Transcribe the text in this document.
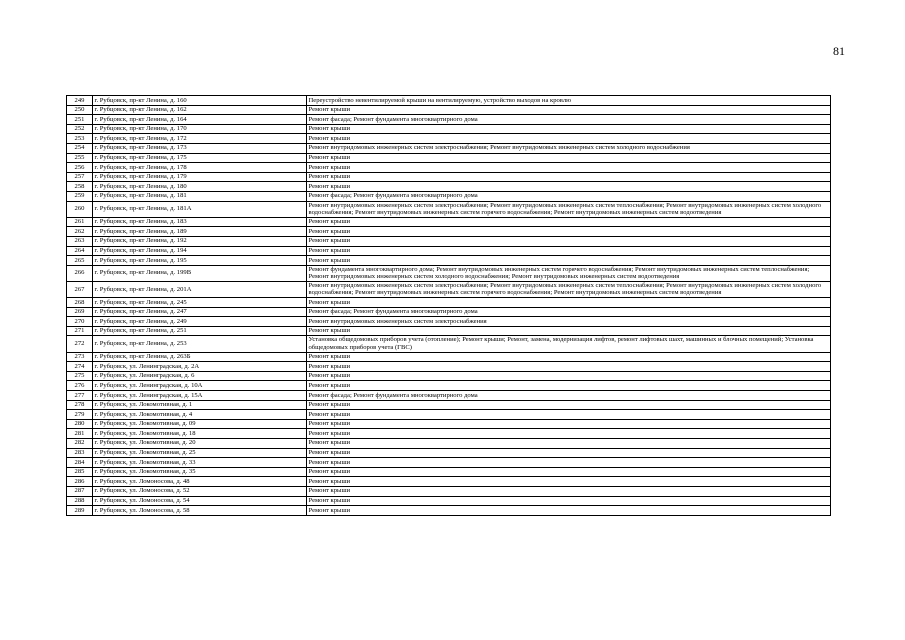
81
249	г. Рубцовск, пр-кт Ленина, д. 160	Переустройство невентилируемой крыши на вентилируемую, устройство выходов на кровлю
250	г. Рубцовск, пр-кт Ленина, д. 162	Ремонт крыши
251	г. Рубцовск, пр-кт Ленина, д. 164	Ремонт фасада; Ремонт фундамента многоквартирного дома
252	г. Рубцовск, пр-кт Ленина, д. 170	Ремонт крыши
253	г. Рубцовск, пр-кт Ленина, д. 172	Ремонт крыши
254	г. Рубцовск, пр-кт Ленина, д. 173	Ремонт внутридомовых инженерных систем электроснабжения; Ремонт внутридомовых инженерных систем холодного водоснабжения
255	г. Рубцовск, пр-кт Ленина, д. 175	Ремонт крыши
256	г. Рубцовск, пр-кт Ленина, д. 178	Ремонт крыши
257	г. Рубцовск, пр-кт Ленина, д. 179	Ремонт крыши
258	г. Рубцовск, пр-кт Ленина, д. 180	Ремонт крыши
259	г. Рубцовск, пр-кт Ленина, д. 181	Ремонт фасада; Ремонт фундамента многоквартирного дома
260	г. Рубцовск, пр-кт Ленина, д. 181А	Ремонт внутридомовых инженерных систем электроснабжения; Ремонт внутридомовых инженерных систем теплоснабжения; Ремонт внутридомовых инженерных систем холодного водоснабжения; Ремонт внутридомовых инженерных систем горячего водоснабжения; Ремонт внутридомовых инженерных систем водоотведения
261	г. Рубцовск, пр-кт Ленина, д. 183	Ремонт крыши
262	г. Рубцовск, пр-кт Ленина, д. 189	Ремонт крыши
263	г. Рубцовск, пр-кт Ленина, д. 192	Ремонт крыши
264	г. Рубцовск, пр-кт Ленина, д. 194	Ремонт крыши
265	г. Рубцовск, пр-кт Ленина, д. 195	Ремонт крыши
266	г. Рубцовск, пр-кт Ленина, д. 199В	Ремонт фундамента многоквартирного дома; Ремонт внутридомовых инженерных систем горячего водоснабжения; Ремонт внутридомовых инженерных систем теплоснабжения; Ремонт внутридомовых инженерных систем холодного водоснабжения; Ремонт внутридомовых инженерных систем водоотведения
267	г. Рубцовск, пр-кт Ленина, д. 201А	Ремонт внутридомовых инженерных систем электроснабжения; Ремонт внутридомовых инженерных систем теплоснабжения; Ремонт внутридомовых инженерных систем холодного водоснабжения; Ремонт внутридомовых инженерных систем горячего водоснабжения; Ремонт внутридомовых инженерных систем водоотведения
268	г. Рубцовск, пр-кт Ленина, д. 245	Ремонт крыши
269	г. Рубцовск, пр-кт Ленина, д. 247	Ремонт фасада; Ремонт фундамента многоквартирного дома
270	г. Рубцовск, пр-кт Ленина, д. 249	Ремонт внутридомовых инженерных систем электроснабжения
271	г. Рубцовск, пр-кт Ленина, д. 251	Ремонт крыши
272	г. Рубцовск, пр-кт Ленина, д. 253	Установка общедомовых приборов учета (отопление); Ремонт крыши; Ремонт, замена, модернизация лифтов, ремонт лифтовых шахт, машинных и блочных помещений; Установка общедомовых приборов учета (ГВС)
273	г. Рубцовск, пр-кт Ленина, д. 263Б	Ремонт крыши
274	г. Рубцовск, ул. Ленинградская, д. 2А	Ремонт крыши
275	г. Рубцовск, ул. Ленинградская, д. 6	Ремонт крыши
276	г. Рубцовск, ул. Ленинградская, д. 10А	Ремонт крыши
277	г. Рубцовск, ул. Ленинградская, д. 15А	Ремонт фасада; Ремонт фундамента многоквартирного дома
278	г. Рубцовск, ул. Локомотивная, д. 1	Ремонт крыши
279	г. Рубцовск, ул. Локомотивная, д. 4	Ремонт крыши
280	г. Рубцовск, ул. Локомотивная, д. 09	Ремонт крыши
281	г. Рубцовск, ул. Локомотивная, д. 18	Ремонт крыши
282	г. Рубцовск, ул. Локомотивная, д. 20	Ремонт крыши
283	г. Рубцовск, ул. Локомотивная, д. 25	Ремонт крыши
284	г. Рубцовск, ул. Локомотивная, д. 33	Ремонт крыши
285	г. Рубцовск, ул. Локомотивная, д. 35	Ремонт крыши
286	г. Рубцовск, ул. Ломоносова, д. 48	Ремонт крыши
287	г. Рубцовск, ул. Ломоносова, д. 52	Ремонт крыши
288	г. Рубцовск, ул. Ломоносова, д. 54	Ремонт крыши
289	г. Рубцовск, ул. Ломоносова, д. 58	Ремонт крыши
